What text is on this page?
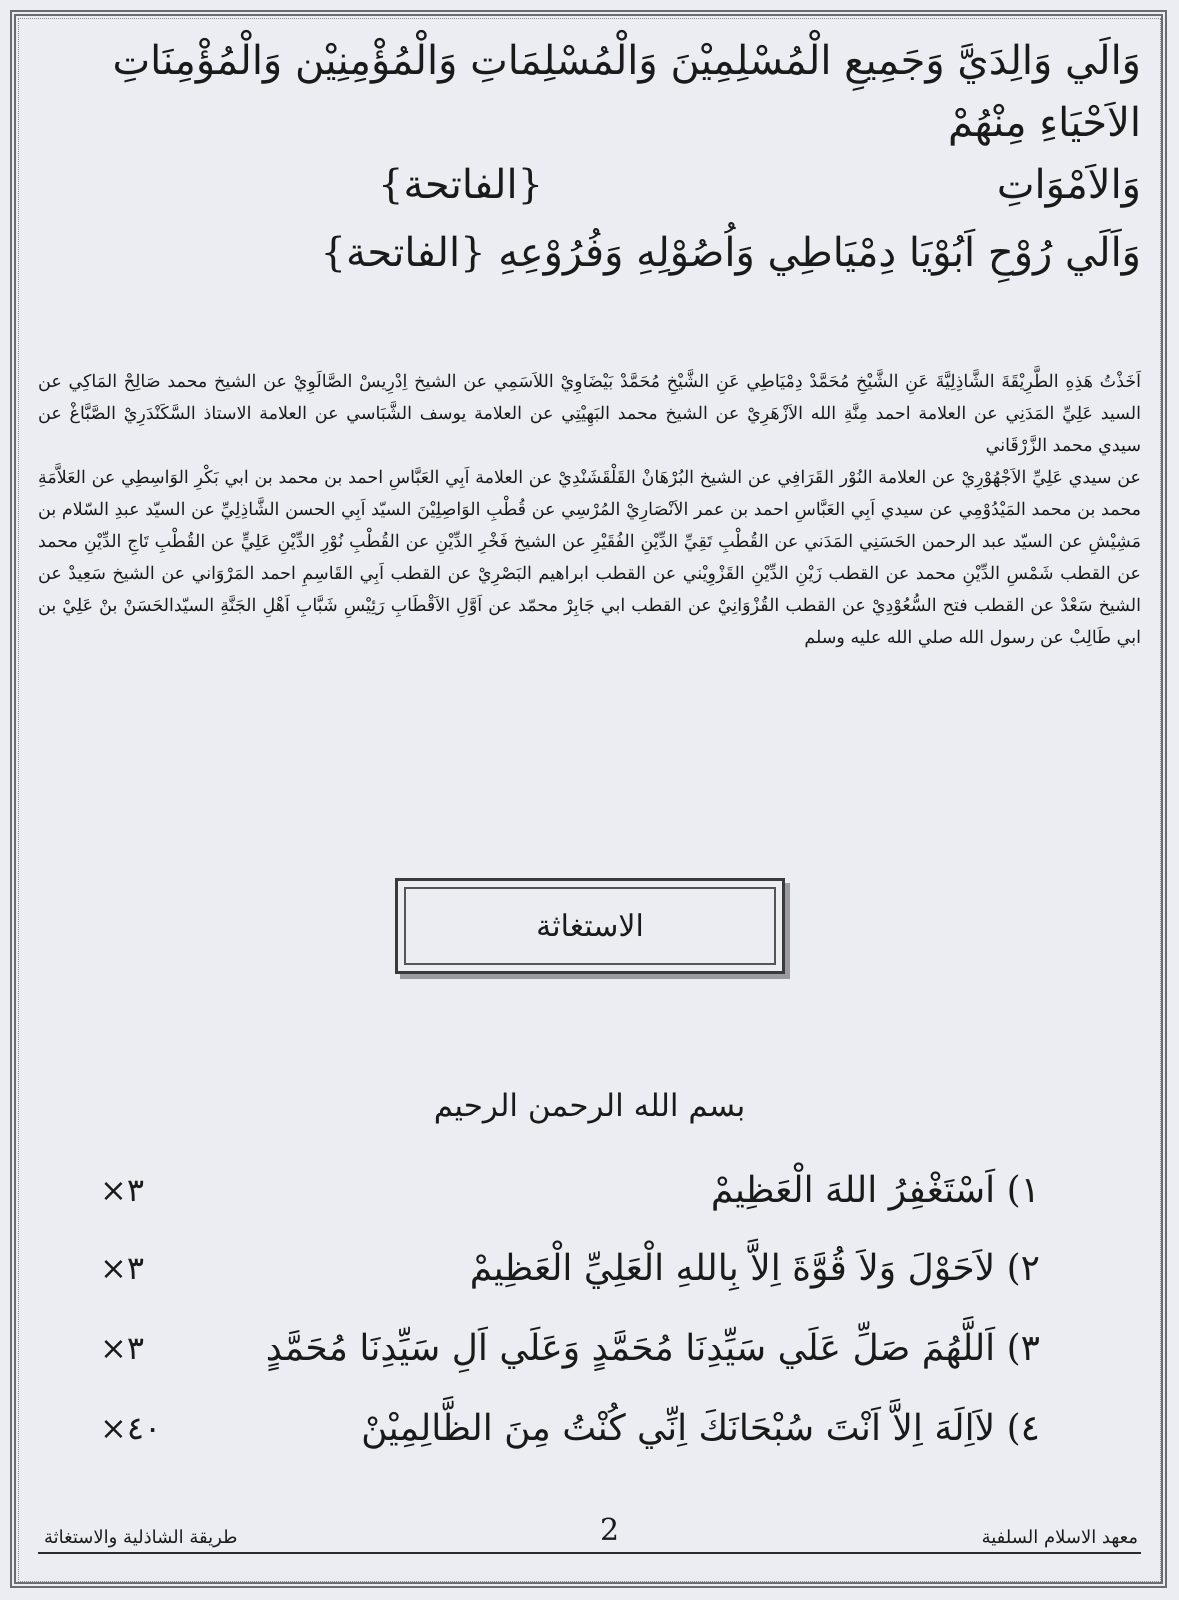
وَالَي وَالِدَيَّ وَجَمِيعِ الْمُسْلِمِيْنَ وَالْمُسْلِمَاتِ وَالْمُؤْمِنِيْن وَالْمُؤْمِنَاتِ الاَحْيَاءِ مِنْهُمْ

وَالاَمْوَاتِ
{الفاتحة}

وَاَلَي رُوْحِ اَبُوْيَا دِمْيَاطِي وَاُصُوْلِهِ وَفُرُوْعِهِ {الفاتحة}

اَخَذْتُ هَذِهِ الطَّرِيْقَةَ الشَّاذِلِيَّةَ عَنِ الشَّيْخِ مُحَمَّدْ دِمْيَاطِي عَنِ الشَّيْخِ مُحَمَّدْ بَيْضَاوِيْ اللاَسَمِي عن الشيخ اِدْرِيسْ الصَّالَوِيْ عن الشيخ محمد صَالِحْ المَاكِي عن السيد عَلِيِّ المَدَنِي عن العلامة احمد مِنَّةِ الله الاَزْهَرِيْ عن الشيخ محمد البَهِيْتِي عن العلامة يوسف الشَّبَاسي عن العلامة الاستاذ السَّكَنْدَرِيْ الصَّبَّاغْ عن سيدي محمد الزَّرْقَاني

عن سيدي عَلِيِّ الاَجْهُوْرِيْ عن العلامة النُوْر القَرَافِي عن الشيخ البُرْهَانْ القَلْقَشَنْدِيْ عن العلامة اَبِي العَبَّاسِ احمد بن محمد بن ابي بَكْرِ الوَاسِطِي عن العَلاَّمَةِ محمد بن محمد المَيْدُوْمِي عن سيدي اَبِي العَبَّاسِ احمد بن عمر الاَنْصَارِيْ المُرْسِي عن قُطْبِ الوَاصِلِيْنَ السيّد اَبِي الحسن الشَّاذِلِيِّ عن السيّد عبدِ السّلام بن مَشِيْشِ عن السيّد عبد الرحمن الحَسَنِي المَدَني عن القُطْبِ تَقِيِّ الدِّيْنِ الفُقَيْرِ عن الشيخ فَخْرِ الدِّيْنِ عن القُطْبِ نُوْرِ الدِّيْنِ عَلِيٍّ عن القُطْبِ تَاجِ الدِّيْنِ محمد عن القطب شَمْسِ الدِّيْنِ محمد عن القطب زَيْنِ الدِّيْنِ القَزْوِيْني عن القطب ابراهيم البَصْرِيْ عن القطب اَبِي القَاسِمِ احمد المَرْوَاني عن الشيخ سَعِيدْ عن الشيخ سَعْدْ عن القطب فتح السُّعُوْدِيْ عن القطب القُزْوَانِيْ عن القطب ابي جَابِرْ محمّد عن اَوَّلِ الاَقْطَابِ رَئِيْسِ شَبَّابِ اَهْلِ الجَنَّةِ السيّدالحَسَنْ بنْ عَلِيْ بن ابي طَالِبْ عن رسول الله صلي الله عليه وسلم

الاستغاثة
بسم الله الرحمن الرحيم
١) اَسْتَغْفِرُ اللهَ الْعَظِيمْ
×٣
٢) لاَحَوْلَ وَلاَ قُوَّةَ اِلاَّ بِاللهِ الْعَلِيِّ الْعَظِيمْ
×٣
٣) اَللَّهُمَ صَلِّ عَلَي سَيِّدِنَا مُحَمَّدٍ وَعَلَي اَلِ سَيِّدِنَا مُحَمَّدٍ
×٣
٤) لاَاِلَهَ اِلاَّ اَنْتَ سُبْحَانَكَ اِنِّي كُنْتُ مِنَ الظَّالِمِيْنْ
×٤٠
معهد الاسلام السلفية
2
طريقة الشاذلية والاستغاثة
